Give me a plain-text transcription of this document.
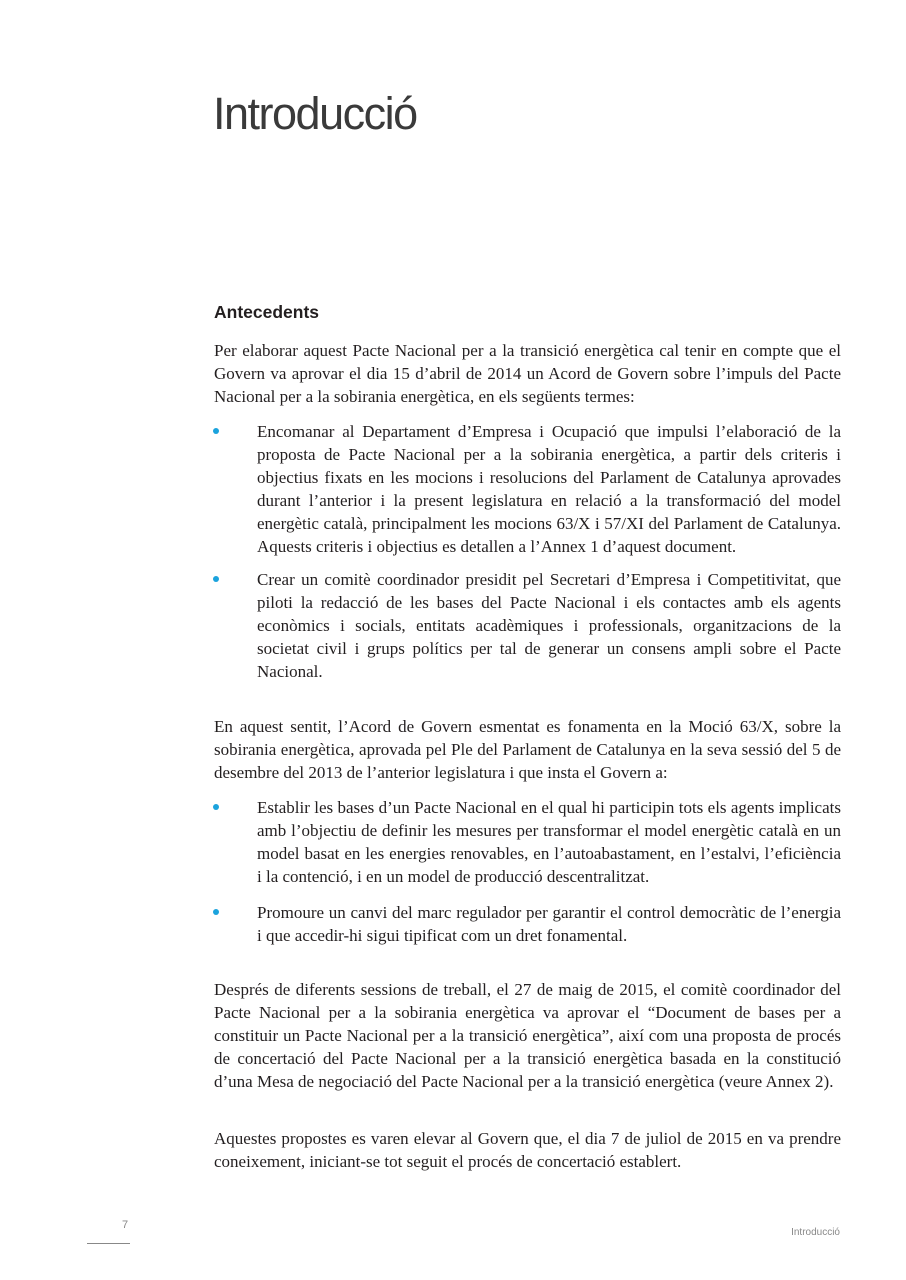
Introducció
Antecedents

Per elaborar aquest Pacte Nacional per a la transició energètica cal tenir en compte que el Govern va aprovar el dia 15 d’abril de 2014 un Acord de Govern sobre l’impuls del Pacte Nacional per a la sobirania energètica, en els següents termes:

Encomanar al Departament d’Empresa i Ocupació que impulsi l’elaboració de la proposta de Pacte Nacional per a la sobirania energètica, a partir dels criteris i objectius fixats en les mocions i resolucions del Parlament de Catalunya aprovades durant l’anterior i la present legislatura en relació a la transformació del model energètic català, principalment les mocions 63/X i 57/XI del Parlament de Catalunya. Aquests criteris i objectius es detallen a l’Annex 1 d’aquest document.

Crear un comitè coordinador presidit pel Secretari d’Empresa i Competitivitat, que piloti la redacció de les bases del Pacte Nacional i els contactes amb els agents econòmics i socials, entitats acadèmiques i professionals, organitzacions de la societat civil i grups polítics per tal de generar un consens ampli sobre el Pacte Nacional.

En aquest sentit, l’Acord de Govern esmentat es fonamenta en la Moció 63/X, sobre la sobirania energètica, aprovada pel Ple del Parlament de Catalunya en la seva sessió del 5 de desembre del 2013 de l’anterior legislatura i que insta el Govern a:

Establir les bases d’un Pacte Nacional en el qual hi participin tots els agents implicats amb l’objectiu de definir les mesures per transformar el model energètic català en un model basat en les energies renovables, en l’autoabastament, en l’estalvi, l’eficiència i la contenció, i en un model de producció descentralitzat.

Promoure un canvi del marc regulador per garantir el control democràtic de l’energia i que accedir-hi sigui tipificat com un dret fonamental.

Després de diferents sessions de treball, el 27 de maig de 2015, el comitè coordinador del Pacte Nacional per a la sobirania energètica va aprovar el “Document de bases per a constituir un Pacte Nacional per a la transició energètica”, així com una proposta de procés de concertació del Pacte Nacional per a la transició energètica basada en la constitució d’una Mesa de negociació del Pacte Nacional per a la transició energètica (veure Annex 2).

Aquestes propostes es varen elevar al Govern que, el dia 7 de juliol de 2015 en va prendre coneixement, iniciant-se tot seguit el procés de concertació establert.

7
Introducció
